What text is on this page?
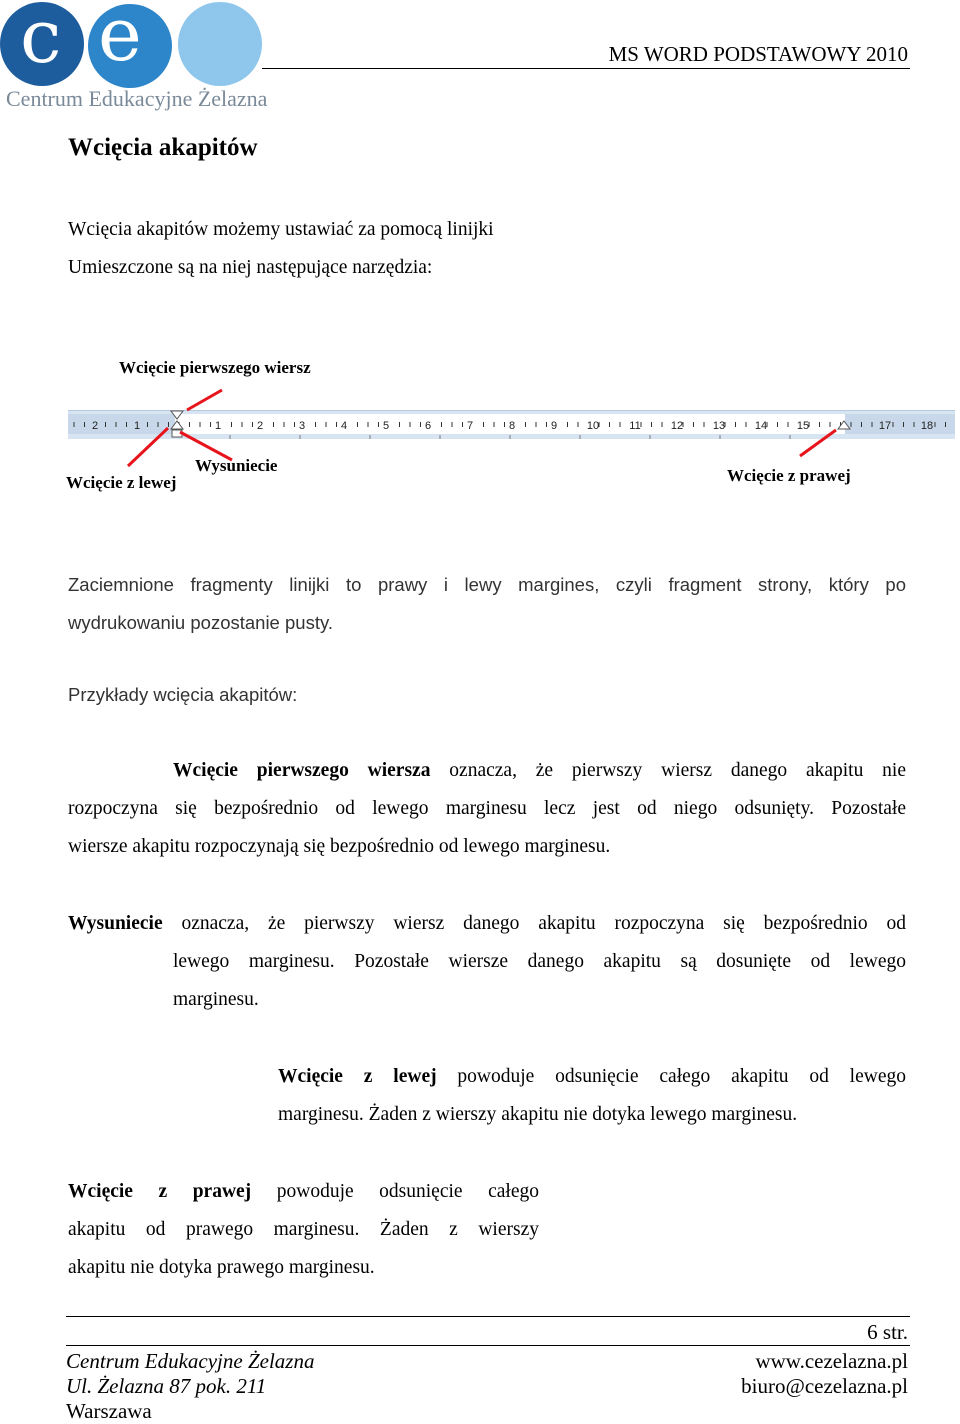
c e
Centrum Edukacyjne Żelazna
MS WORD PODSTAWOWY 2010
Wcięcia akapitów
Wcięcia akapitów możemy ustawiać za pomocą linijki
Umieszczone są na niej następujące narzędzia:
Wcięcie pierwszego wiersz
2	1	1	2	3	4	5	6	7	8	9	10	11	12	13	14	15	17	18
Wcięcie z lewej
Wysuniecie
Wcięcie z prawej
Zaciemnione fragmenty linijki to prawy i lewy margines, czyli fragment strony, który po
wydrukowaniu pozostanie pusty.
Przykłady wcięcia akapitów:
Wcięcie pierwszego wiersza oznacza, że pierwszy wiersz danego akapitu nie
rozpoczyna się bezpośrednio od lewego marginesu lecz jest od niego odsunięty. Pozostałe
wiersze akapitu rozpoczynają się bezpośrednio od lewego marginesu.
Wysuniecie oznacza, że pierwszy wiersz danego akapitu rozpoczyna się bezpośrednio od
lewego marginesu. Pozostałe wiersze danego akapitu są dosunięte od lewego
marginesu.
Wcięcie z lewej powoduje odsunięcie całego akapitu od lewego
marginesu. Żaden z wierszy akapitu nie dotyka lewego marginesu.
Wcięcie z prawej powoduje odsunięcie całego
akapitu od prawego marginesu. Żaden z wierszy
akapitu nie dotyka prawego marginesu.
6 str.
Centrum Edukacyjne Żelazna
Ul. Żelazna 87 pok. 211
Warszawa
www.cezelazna.pl
biuro@cezelazna.pl
